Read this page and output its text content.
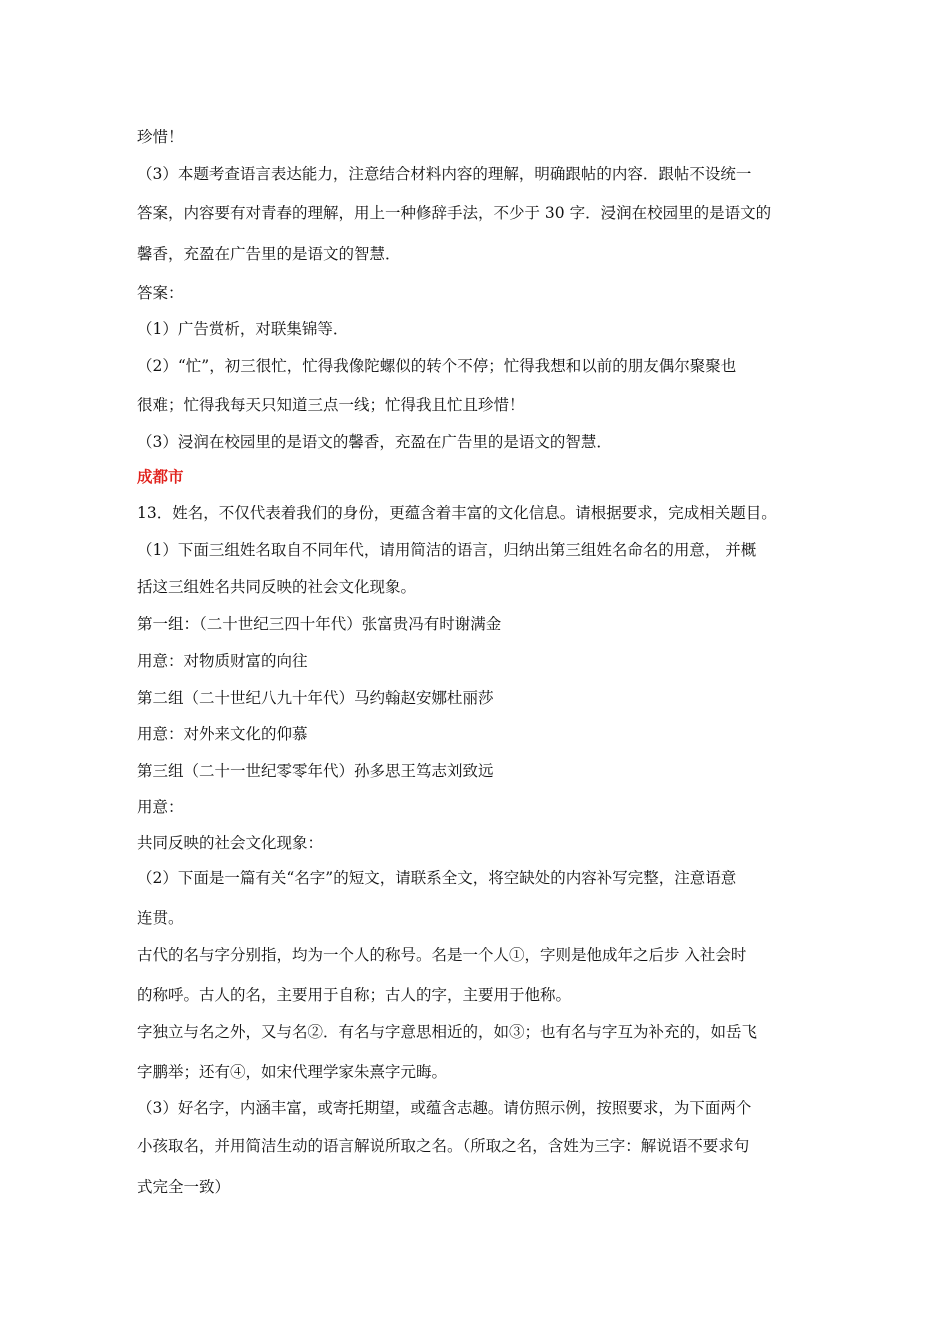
珍惜！
（3）本题考查语言表达能力，注意结合材料内容的理解，明确跟帖的内容．跟帖不设统一
答案，内容要有对青春的理解，用上一种修辞手法，不少于 30 字．浸润在校园里的是语文的
馨香，充盈在广告里的是语文的智慧．
答案：
（1）广告赏析，对联集锦等．
（2）“忙”，初三很忙，忙得我像陀螺似的转个不停；忙得我想和以前的朋友偶尔聚聚也
很难；忙得我每天只知道三点一线；忙得我且忙且珍惜！
（3）浸润在校园里的是语文的馨香，充盈在广告里的是语文的智慧．
成都市
13．姓名，不仅代表着我们的身份，更蕴含着丰富的文化信息。请根据要求，完成相关题目。
（1）下面三组姓名取自不同年代，请用简洁的语言，归纳出第三组姓名命名的用意， 并概
括这三组姓名共同反映的社会文化现象。
第一组：（二十世纪三四十年代）张富贵冯有时谢满金
用意：对物质财富的向往
第二组（二十世纪八九十年代）马约翰赵安娜杜丽莎
用意：对外来文化的仰慕
第三组（二十一世纪零零年代）孙多思王笃志刘致远
用意：
共同反映的社会文化现象：
（2）下面是一篇有关“名字”的短文，请联系全文，将空缺处的内容补写完整，注意语意
连贯。
古代的名与字分别指，均为一个人的称号。名是一个人①，字则是他成年之后步 入社会时
的称呼。古人的名，主要用于自称；古人的字，主要用于他称。
字独立与名之外，又与名②．有名与字意思相近的，如③；也有名与字互为补充的，如岳飞
字鹏举；还有④，如宋代理学家朱熹字元晦。
（3）好名字，内涵丰富，或寄托期望，或蕴含志趣。请仿照示例，按照要求，为下面两个
小孩取名，并用简洁生动的语言解说所取之名。（所取之名，含姓为三字：解说语不要求句
式完全一致）
